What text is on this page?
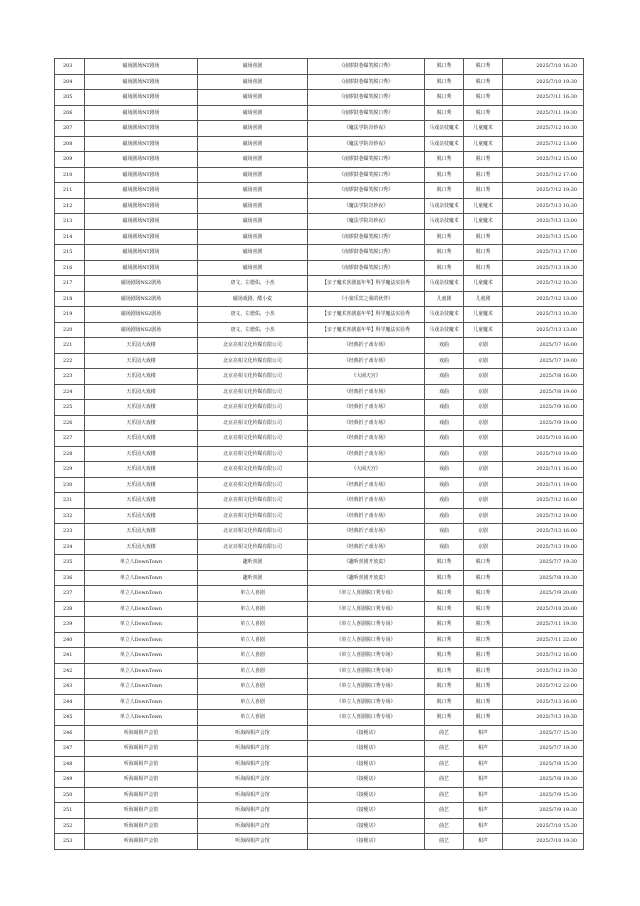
203	磁场剧场NT剧场	磁场喜剧	《南锣鼓巷爆笑脱口秀》	脱口秀	脱口秀	2025/7/10 16:30
204	磁场剧场NT剧场	磁场喜剧	《南锣鼓巷爆笑脱口秀》	脱口秀	脱口秀	2025/7/10 19:30
205	磁场剧场NT剧场	磁场喜剧	《南锣鼓巷爆笑脱口秀》	脱口秀	脱口秀	2025/7/11 16:30
206	磁场剧场NT剧场	磁场喜剧	《南锣鼓巷爆笑脱口秀》	脱口秀	脱口秀	2025/7/11 19:30
207	磁场剧场NT剧场	磁场喜剧	《魔法学院奇妙夜》	马戏杂技魔术	儿童魔术	2025/7/12 10:30
208	磁场剧场NT剧场	磁场喜剧	《魔法学院奇妙夜》	马戏杂技魔术	儿童魔术	2025/7/12 13:00
209	磁场剧场NT剧场	磁场喜剧	《南锣鼓巷爆笑脱口秀》	脱口秀	脱口秀	2025/7/12 15:00
210	磁场剧场NT剧场	磁场喜剧	《南锣鼓巷爆笑脱口秀》	脱口秀	脱口秀	2025/7/12 17:00
211	磁场剧场NT剧场	磁场喜剧	《南锣鼓巷爆笑脱口秀》	脱口秀	脱口秀	2025/7/12 19:30
212	磁场剧场NT剧场	磁场喜剧	《魔法学院奇妙夜》	马戏杂技魔术	儿童魔术	2025/7/13 10:30
213	磁场剧场NT剧场	磁场喜剧	《魔法学院奇妙夜》	马戏杂技魔术	儿童魔术	2025/7/13 13:00
214	磁场剧场NT剧场	磁场喜剧	《南锣鼓巷爆笑脱口秀》	脱口秀	脱口秀	2025/7/13 15:00
215	磁场剧场NT剧场	磁场喜剧	《南锣鼓巷爆笑脱口秀》	脱口秀	脱口秀	2025/7/13 17:00
216	磁场剧场NT剧场	磁场喜剧	《南锣鼓巷爆笑脱口秀》	脱口秀	脱口秀	2025/7/13 19:30
217	磁场剧场NS2剧场	唐文，左德佑，小杰	【亲子魔术喜剧嘉年华】科学魔法实验秀	马戏杂技魔术	儿童魔术	2025/7/12 10:30
218	磁场剧场NS2剧场	磁场戏剧，酷小麦	《小狼乐宾之我的伙伴》	儿童剧	儿童剧	2025/7/12 13:00
219	磁场剧场NS2剧场	唐文，左德佑，小杰	【亲子魔术喜剧嘉年华】科学魔法实验秀	马戏杂技魔术	儿童魔术	2025/7/13 10:30
220	磁场剧场NS2剧场	唐文，左德佑，小杰	【亲子魔术喜剧嘉年华】科学魔法实验秀	马戏杂技魔术	儿童魔术	2025/7/13 13:00
221	天乐园大戏楼	北京亮相文化传媒有限公司	《经典折子戏专场》	戏曲	京剧	2025/7/7 16:00
222	天乐园大戏楼	北京亮相文化传媒有限公司	《经典折子戏专场》	戏曲	京剧	2025/7/7 19:00
223	天乐园大戏楼	北京亮相文化传媒有限公司	《大闹天宫》	戏曲	京剧	2025/7/8 16:00
224	天乐园大戏楼	北京亮相文化传媒有限公司	《经典折子戏专场》	戏曲	京剧	2025/7/8 19:00
225	天乐园大戏楼	北京亮相文化传媒有限公司	《经典折子戏专场》	戏曲	京剧	2025/7/9 16:00
226	天乐园大戏楼	北京亮相文化传媒有限公司	《经典折子戏专场》	戏曲	京剧	2025/7/9 19:00
227	天乐园大戏楼	北京亮相文化传媒有限公司	《经典折子戏专场》	戏曲	京剧	2025/7/10 16:00
228	天乐园大戏楼	北京亮相文化传媒有限公司	《经典折子戏专场》	戏曲	京剧	2025/7/10 19:00
229	天乐园大戏楼	北京亮相文化传媒有限公司	《大闹天宫》	戏曲	京剧	2025/7/11 16:00
230	天乐园大戏楼	北京亮相文化传媒有限公司	《经典折子戏专场》	戏曲	京剧	2025/7/11 19:00
231	天乐园大戏楼	北京亮相文化传媒有限公司	《经典折子戏专场》	戏曲	京剧	2025/7/12 16:00
232	天乐园大戏楼	北京亮相文化传媒有限公司	《经典折子戏专场》	戏曲	京剧	2025/7/12 19:00
233	天乐园大戏楼	北京亮相文化传媒有限公司	《经典折子戏专场》	戏曲	京剧	2025/7/13 16:00
234	天乐园大戏楼	北京亮相文化传媒有限公司	《经典折子戏专场》	戏曲	京剧	2025/7/13 19:00
235	单立人DownTown	趣听喜剧	《趣听喜剧开放麦》	脱口秀	脱口秀	2025/7/7 19:30
236	单立人DownTown	趣听喜剧	《趣听喜剧开放麦》	脱口秀	脱口秀	2025/7/8 19:30
237	单立人DownTown	单立人喜剧	《单立人喜剧脱口秀专场》	脱口秀	脱口秀	2025/7/9 20:00
238	单立人DownTown	单立人喜剧	《单立人喜剧脱口秀专场》	脱口秀	脱口秀	2025/7/10 20:00
239	单立人DownTown	单立人喜剧	《单立人喜剧脱口秀专场》	脱口秀	脱口秀	2025/7/11 19:30
240	单立人DownTown	单立人喜剧	《单立人喜剧脱口秀专场》	脱口秀	脱口秀	2025/7/11 22:00
241	单立人DownTown	单立人喜剧	《单立人喜剧脱口秀专场》	脱口秀	脱口秀	2025/7/12 16:00
242	单立人DownTown	单立人喜剧	《单立人喜剧脱口秀专场》	脱口秀	脱口秀	2025/7/12 19:30
243	单立人DownTown	单立人喜剧	《单立人喜剧脱口秀专场》	脱口秀	脱口秀	2025/7/12 22:00
244	单立人DownTown	单立人喜剧	《单立人喜剧脱口秀专场》	脱口秀	脱口秀	2025/7/13 16:00
245	单立人DownTown	单立人喜剧	《单立人喜剧脱口秀专场》	脱口秀	脱口秀	2025/7/13 19:30
246	听海阁相声会馆	听海阁相声会馆	《接梗店》	曲艺	相声	2025/7/7 15:30
247	听海阁相声会馆	听海阁相声会馆	《接梗店》	曲艺	相声	2025/7/7 19:30
248	听海阁相声会馆	听海阁相声会馆	《接梗店》	曲艺	相声	2025/7/8 15:30
249	听海阁相声会馆	听海阁相声会馆	《接梗店》	曲艺	相声	2025/7/8 19:30
250	听海阁相声会馆	听海阁相声会馆	《接梗店》	曲艺	相声	2025/7/9 15:30
251	听海阁相声会馆	听海阁相声会馆	《接梗店》	曲艺	相声	2025/7/9 19:30
252	听海阁相声会馆	听海阁相声会馆	《接梗店》	曲艺	相声	2025/7/10 15:30
253	听海阁相声会馆	听海阁相声会馆	《接梗店》	曲艺	相声	2025/7/10 19:30
